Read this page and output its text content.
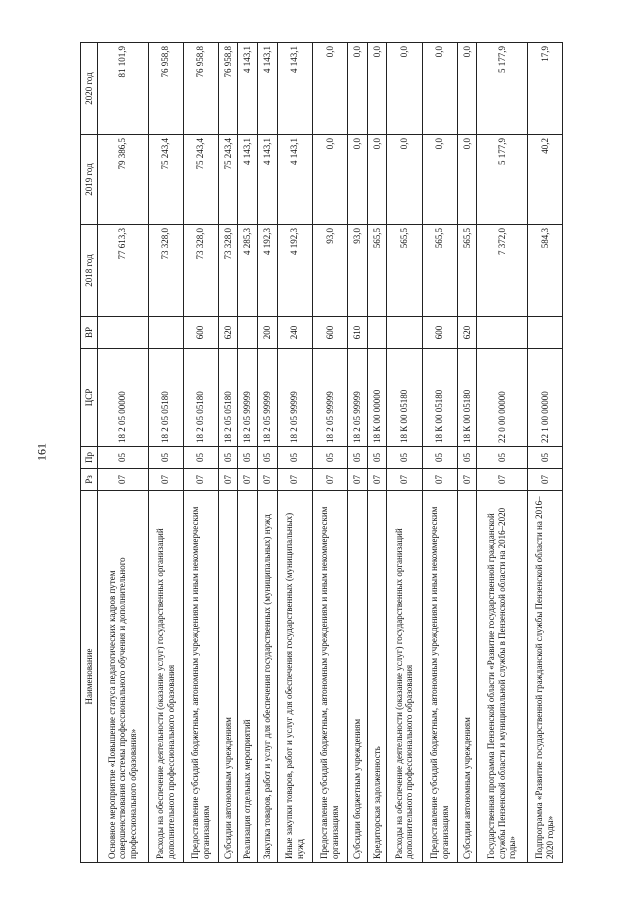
161
Наименование	Рз	Пр	ЦСР	ВР	2018 год	2019 год	2020 год
Основное мероприятие «Повышение статуса педагогических кадров путем совершенствования системы профессионального обучения и дополнительного профессионального образования»	07	05	18 2 05 00000		77 613,3	79 386,5	81 101,9
Расходы на обеспечение деятельности (оказание услуг) государственных организаций дополнительного профессионального образования	07	05	18 2 05 05180		73 328,0	75 243,4	76 958,8
Предоставление субсидий бюджетным, автономным учреждениям и иным некоммерческим организациям	07	05	18 2 05 05180	600	73 328,0	75 243,4	76 958,8
Субсидии автономным учреждениям	07	05	18 2 05 05180	620	73 328,0	75 243,4	76 958,8
Реализация отдельных мероприятий	07	05	18 2 05 99999		4 285,3	4 143,1	4 143,1
Закупка товаров, работ и услуг для обеспечения государственных (муниципальных) нужд	07	05	18 2 05 99999	200	4 192,3	4 143,1	4 143,1
Иные закупки товаров, работ и услуг для обеспечения государственных (муниципальных) нужд	07	05	18 2 05 99999	240	4 192,3	4 143,1	4 143,1
Предоставление субсидий бюджетным, автономным учреждениям и иным некоммерческим организациям	07	05	18 2 05 99999	600	93,0	0,0	0,0
Субсидии бюджетным учреждениям	07	05	18 2 05 99999	610	93,0	0,0	0,0
Кредиторская задолженность	07	05	18 К 00 00000		565,5	0,0	0,0
Расходы на обеспечение деятельности (оказание услуг) государственных организаций дополнительного профессионального образования	07	05	18 К 00 05180		565,5	0,0	0,0
Предоставление субсидий бюджетным, автономным учреждениям и иным некоммерческим организациям	07	05	18 К 00 05180	600	565,5	0,0	0,0
Субсидии автономным учреждениям	07	05	18 К 00 05180	620	565,5	0,0	0,0
Государственная программа Пензенской области «Развитие государственной гражданской службы Пензенской области и муниципальной службы в Пензенской области на 2016–2020 годы»	07	05	22 0 00 00000		7 372,0	5 177,9	5 177,9
Подпрограмма «Развитие государственной гражданской службы Пензенской области на 2016–2020 годы»	07	05	22 1 00 00000		584,3	40,2	17,9
